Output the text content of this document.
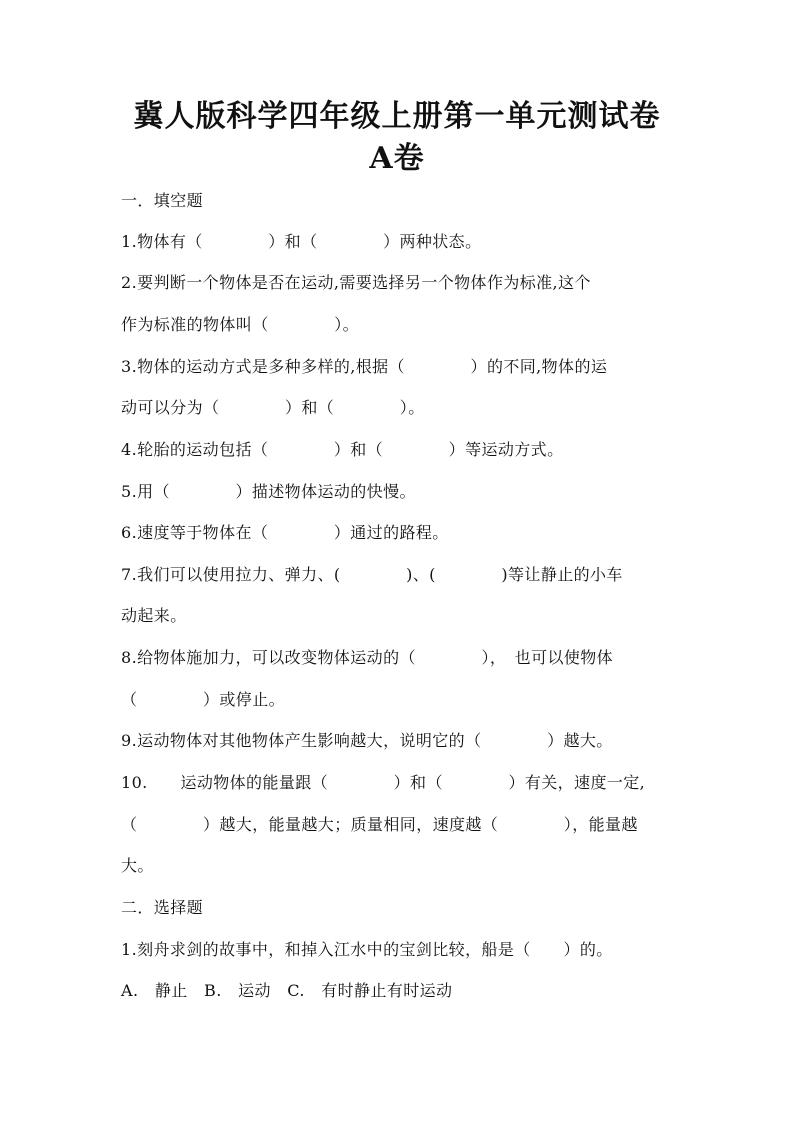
冀人版科学四年级上册第一单元测试卷
A卷
一．填空题
1.物体有（　　　　）和（　　　　）两种状态。
2.要判断一个物体是否在运动,需要选择另一个物体作为标准,这个
作为标准的物体叫（　　　　）。
3.物体的运动方式是多种多样的,根据（　　　　）的不同,物体的运
动可以分为（　　　　）和（　　　　）。
4.轮胎的运动包括（　　　　）和（　　　　）等运动方式。
5.用（　　　　）描述物体运动的快慢。
6.速度等于物体在（　　　　）通过的路程。
7.我们可以使用拉力、弹力、(　　　　)、(　　　　)等让静止的小车
动起来。
8.给物体施加力，可以改变物体运动的（　　　　），　也可以使物体
（　　　　）或停止。
9.运动物体对其他物体产生影响越大，说明它的（　　　　）越大。
10.　　运动物体的能量跟（　　　　）和（　　　　）有关，速度一定,
（　　　　）越大，能量越大；质量相同，速度越（　　　　），能量越
大。
二．选择题
1.刻舟求剑的故事中，和掉入江水中的宝剑比较，船是（　　）的。
A.　静止　B.　运动　C.　有时静止有时运动
